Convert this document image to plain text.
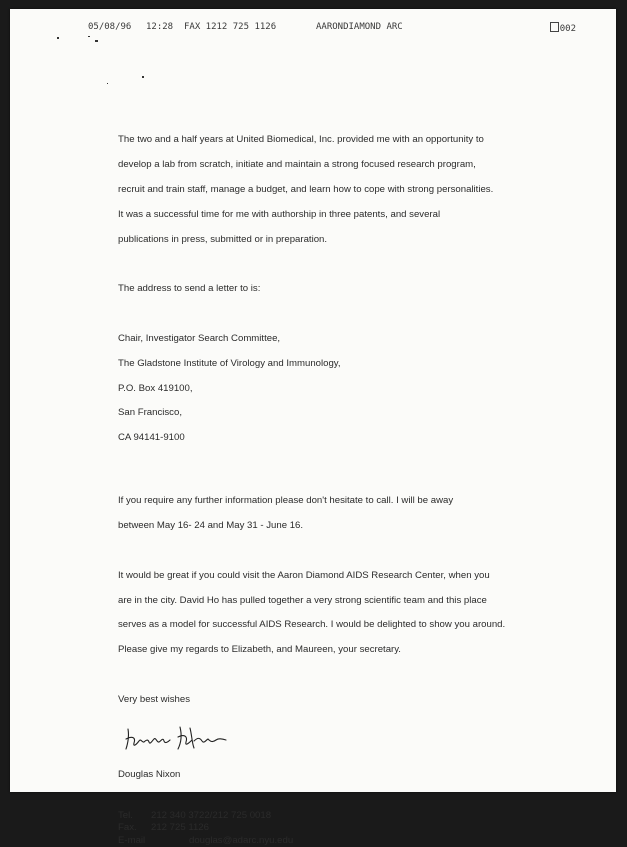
05/08/96

12:28

FAX 1212 725 1126

	AARONDIAMOND ARC

	002

The two and a half years at United Biomedical, Inc. provided me with an opportunity to

develop a lab from scratch, initiate and maintain a strong focused research program,

recruit and train staff, manage a budget, and learn how to cope with strong personalities.

It was a successful time for me with authorship in three patents, and several

publications in press, submitted or in preparation.

The address to send a letter to is:

Chair, Investigator Search Committee,

The Gladstone Institute of Virology and Immunology,

P.O. Box 419100,

San Francisco,

CA 94141-9100

If you require any further information please don't hesitate to call. I will be away

between May 16- 24 and May 31 - June 16.

It would be great if you could visit the Aaron Diamond AIDS Research Center, when you

are in the city. David Ho has pulled together a very strong scientific team and this place

serves as a model for successful AIDS Research. I would be delighted to show you around.

Please give my regards to Elizabeth, and Maureen, your secretary.

Very best wishes

Douglas Nixon

Tel. 212 340 3722/212 725 0018
Fax. 212 725 1126
E-mail	douglas@adarc.nyu.edu
